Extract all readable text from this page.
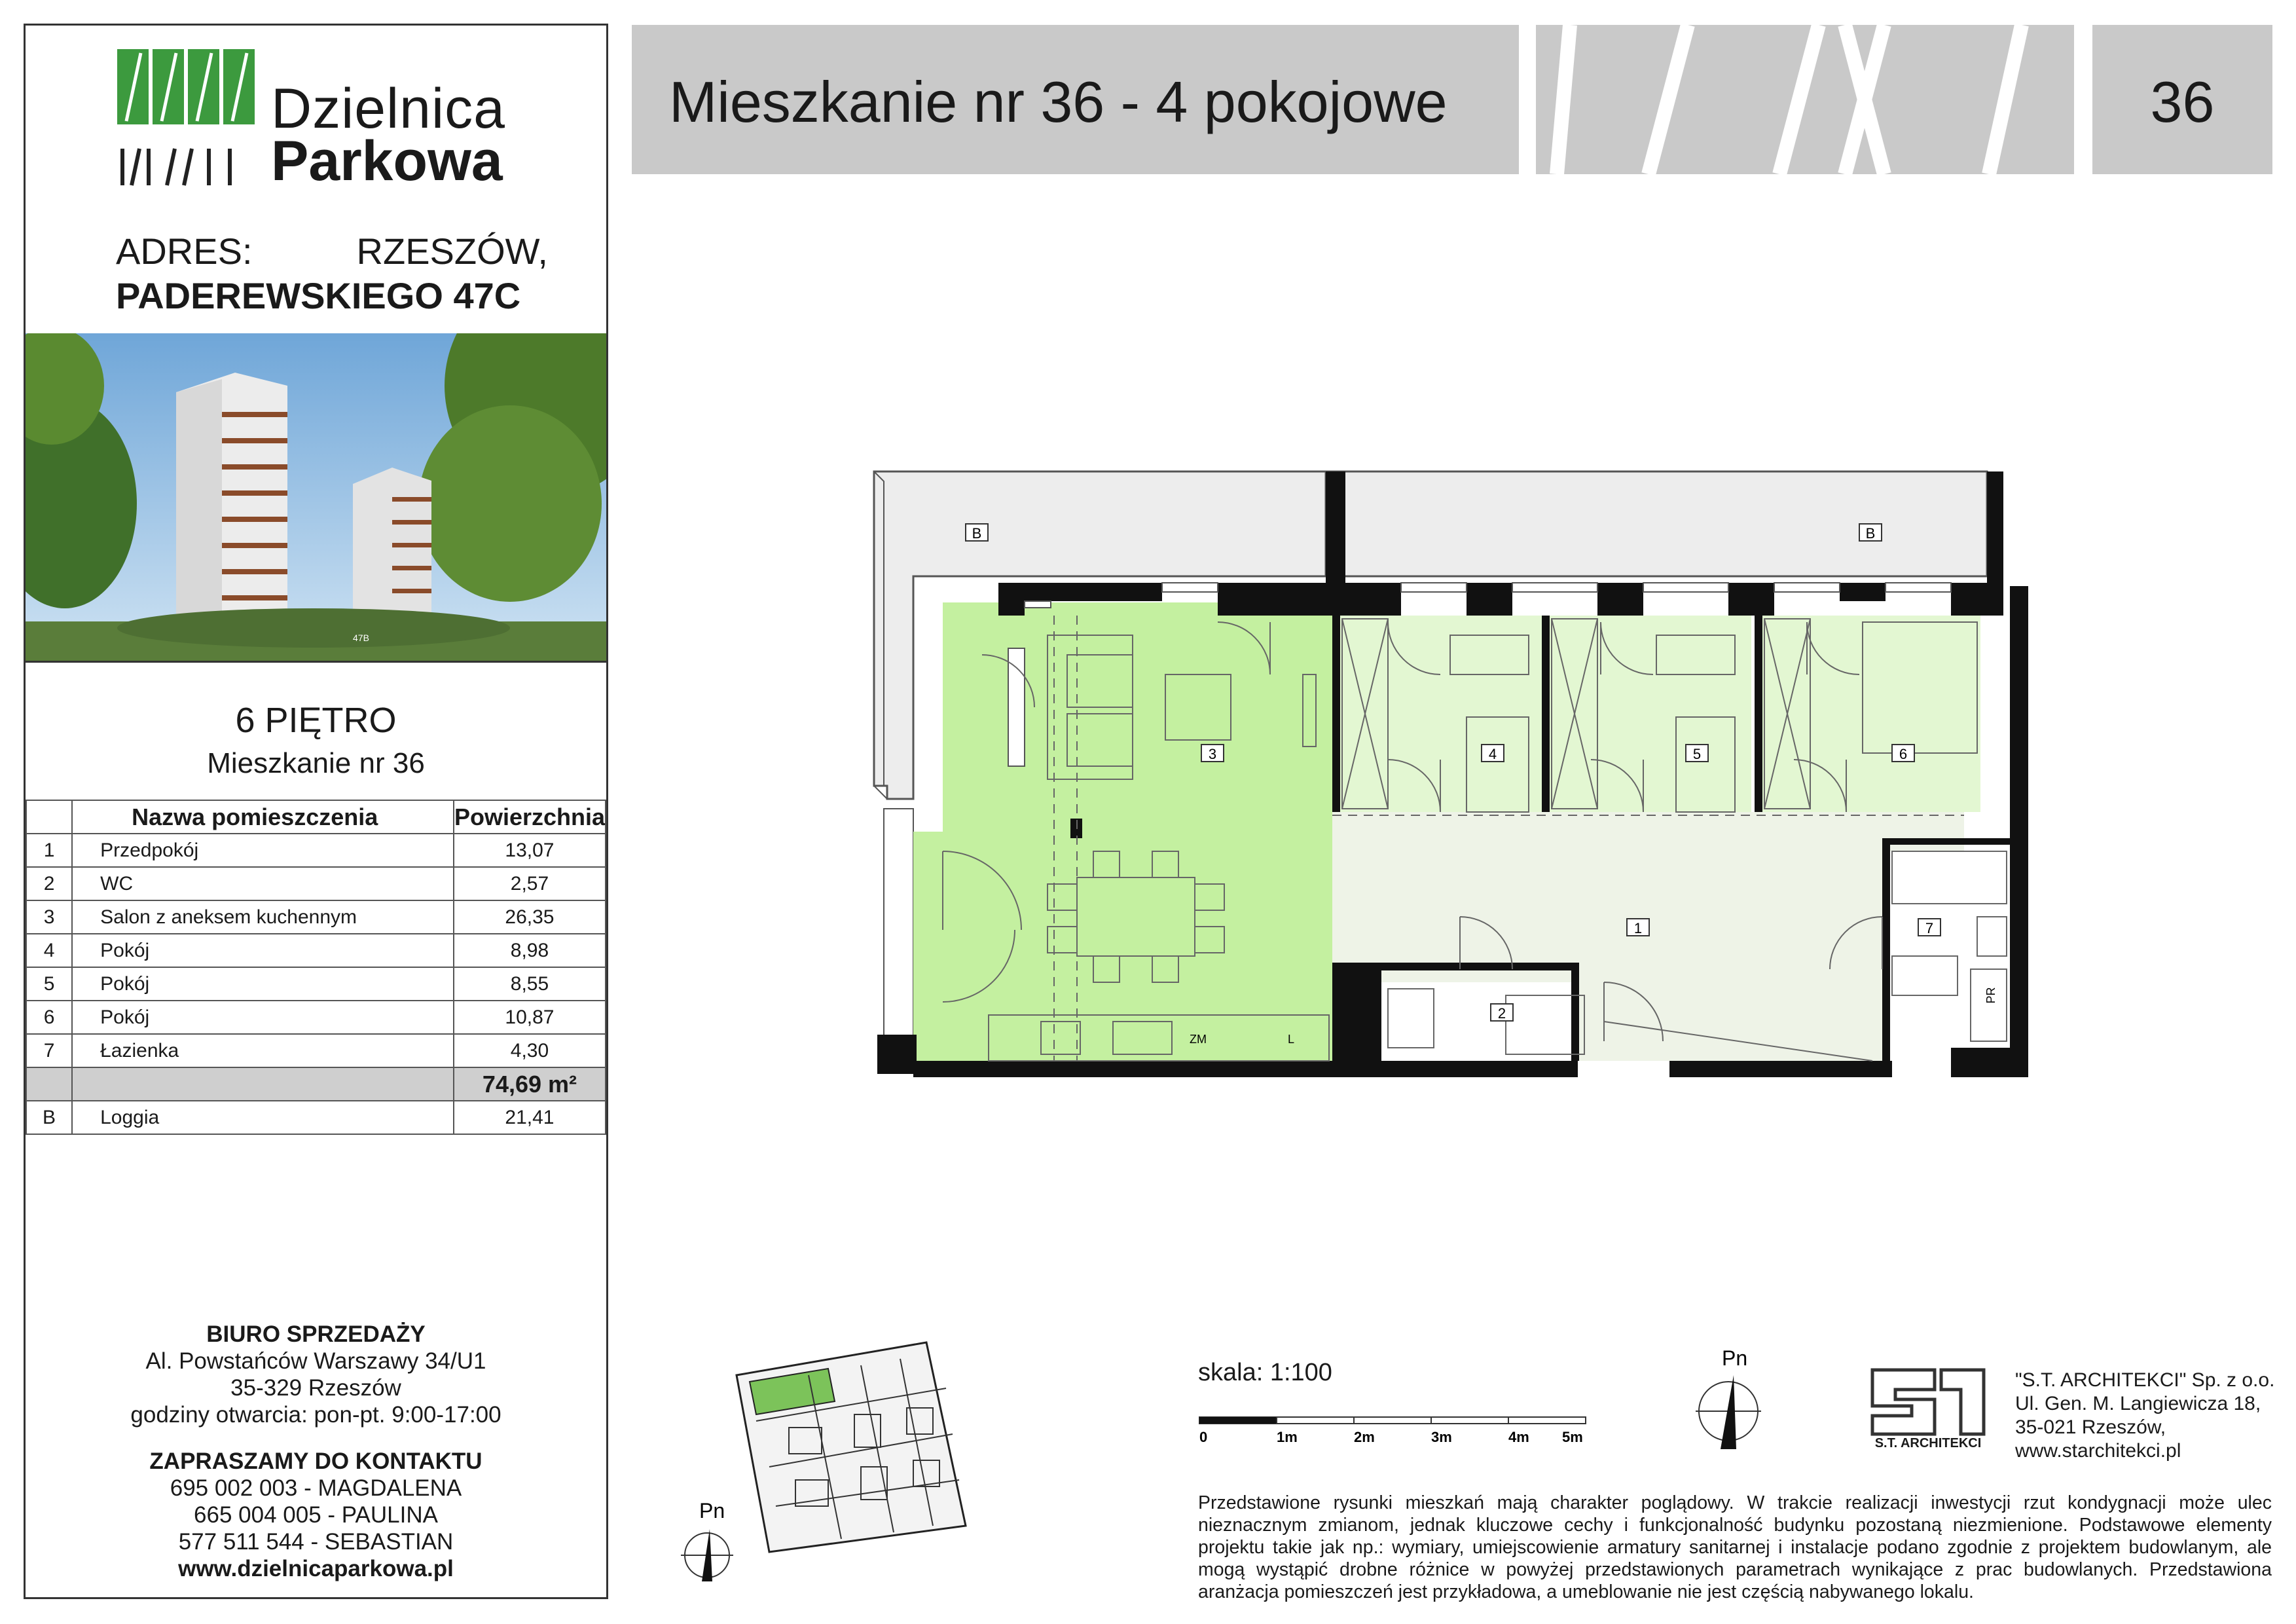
Dzielnica
Parkowa
ADRES:	RZESZÓW,
PADEREWSKIEGO 47C
47B
6 PIĘTRO
Mieszkanie nr 36
	Nazwa pomieszczenia	Powierzchnia
1	Przedpokój	13,07
2	WC	2,57
3	Salon z aneksem kuchennym	26,35
4	Pokój	8,98
5	Pokój	8,55
6	Pokój	10,87
7	Łazienka	4,30
		74,69 m²
B	Loggia	21,41
BIURO SPRZEDAŻY
Al. Powstańców Warszawy 34/U1
35-329 Rzeszów
godziny otwarcia: pon-pt. 9:00-17:00
ZAPRASZAMY DO KONTAKTU
695 002 003 - MAGDALENA
665 004 005 - PAULINA
577 511 544 - SEBASTIAN
www.dzielnicaparkowa.pl
Mieszkanie nr 36 - 4 pokojowe	36
B	B
3	4	5	6
1
2
7
ZM	L
PR
Pn
skala: 1:100
0	1m	2m	3m	4m 5m
Pn
S.T. ARCHITEKCI
"S.T. ARCHITEKCI" Sp. z o.o.
Ul. Gen. M. Langiewicza 18,
35-021 Rzeszów,
www.starchitekci.pl
Przedstawione rysunki mieszkań mają charakter poglądowy. W trakcie realizacji inwestycji rzut kondygnacji może ulec nieznacznym zmianom, jednak kluczowe cechy i funkcjonalność budynku pozostaną niezmienione. Podstawowe elementy projektu takie jak np.: wymiary, umiejscowienie armatury sanitarnej i instalacje podano zgodnie z projektem budowlanym, ale mogą wystąpić drobne różnice w powyżej przedstawionych parametrach wynikające z prac budowlanych. Przedstawiona aranżacja pomieszczeń jest przykładowa, a umeblowanie nie jest częścią nabywanego lokalu.
